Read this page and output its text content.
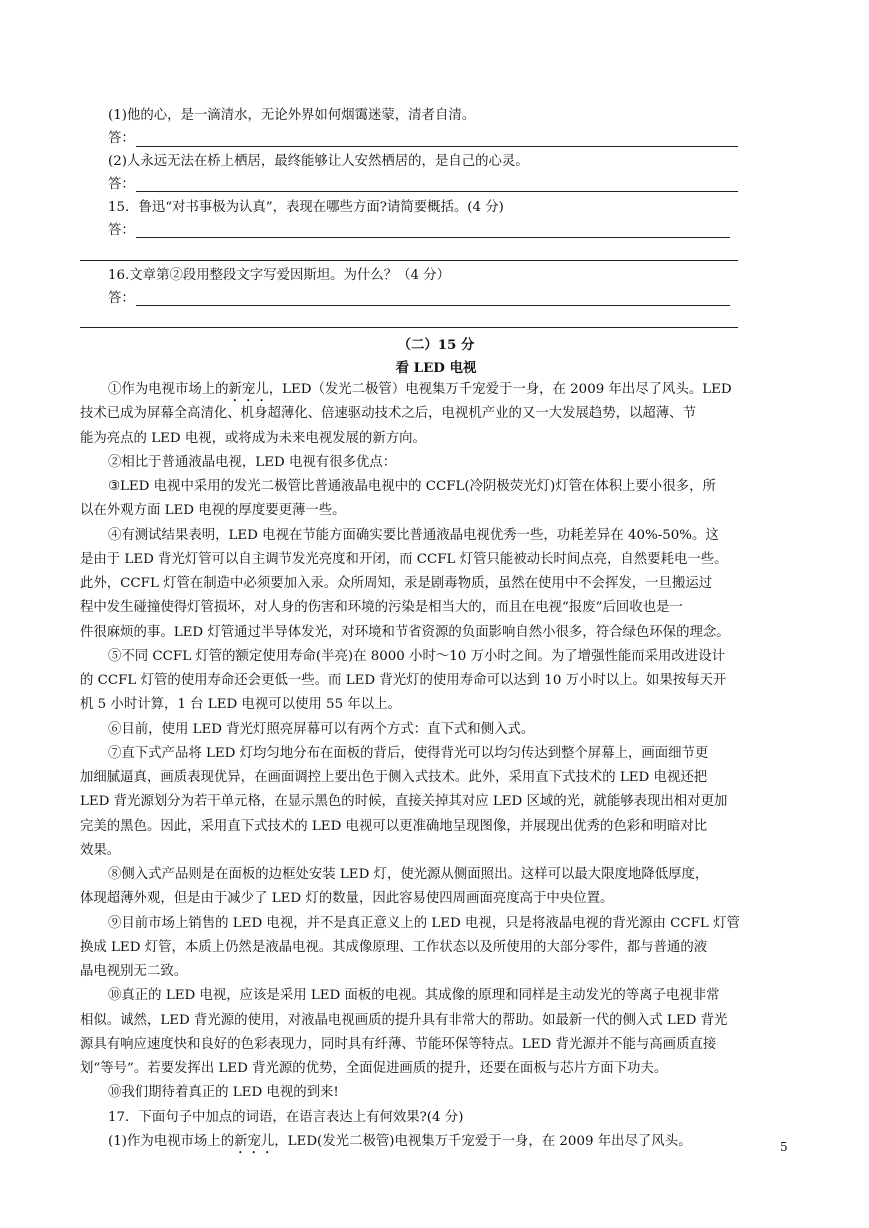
(1)他的心，是一滴清水，无论外界如何烟霭迷蒙，清者自清。
答：
(2)人永远无法在桥上栖居，最终能够让人安然栖居的，是自己的心灵。
答：
15．鲁迅“对书事极为认真”，表现在哪些方面?请简要概括。(4 分)
答：
16.文章第②段用整段文字写爱因斯坦。为什么？（4 分）
答：
（二）15 分
看 LED 电视
①作为电视市场上的新宠儿，LED（发光二极管）电视集万千宠爱于一身，在 2009 年出尽了风头。LED
技术已成为屏幕全高清化、机身超薄化、倍速驱动技术之后，电视机产业的又一大发展趋势，以超薄、节
能为亮点的 LED 电视，或将成为未来电视发展的新方向。
②相比于普通液晶电视，LED 电视有很多优点：
③LED 电视中采用的发光二极管比普通液晶电视中的 CCFL(冷阴极荧光灯)灯管在体积上要小很多，所
以在外观方面 LED 电视的厚度要更薄一些。
④有测试结果表明，LED 电视在节能方面确实要比普通液晶电视优秀一些，功耗差异在 40%-50%。这
是由于 LED 背光灯管可以自主调节发光亮度和开闭，而 CCFL 灯管只能被动长时间点亮，自然要耗电一些。
此外，CCFL 灯管在制造中必须要加入汞。众所周知，汞是剧毒物质，虽然在使用中不会挥发，一旦搬运过
程中发生碰撞使得灯管损坏，对人身的伤害和环境的污染是相当大的，而且在电视“报废”后回收也是一
件很麻烦的事。LED 灯管通过半导体发光，对环境和节省资源的负面影响自然小很多，符合绿色环保的理念。
⑤不同 CCFL 灯管的额定使用寿命(半亮)在 8000 小时～10 万小时之间。为了增强性能而采用改进设计
的 CCFL 灯管的使用寿命还会更低一些。而 LED 背光灯的使用寿命可以达到 10 万小时以上。如果按每天开
机 5 小时计算，1 台 LED 电视可以使用 55 年以上。
⑥目前，使用 LED 背光灯照亮屏幕可以有两个方式：直下式和侧入式。
⑦直下式产品将 LED 灯均匀地分布在面板的背后，使得背光可以均匀传达到整个屏幕上，画面细节更
加细腻逼真，画质表现优异，在画面调控上要出色于侧入式技术。此外，采用直下式技术的 LED 电视还把
LED 背光源划分为若干单元格，在显示黑色的时候，直接关掉其对应 LED 区域的光，就能够表现出相对更加
完美的黑色。因此，采用直下式技术的 LED 电视可以更准确地呈现图像，并展现出优秀的色彩和明暗对比
效果。
⑧侧入式产品则是在面板的边框处安装 LED 灯，使光源从侧面照出。这样可以最大限度地降低厚度，
体现超薄外观，但是由于减少了 LED 灯的数量，因此容易使四周画面亮度高于中央位置。
⑨目前市场上销售的 LED 电视，并不是真正意义上的 LED 电视，只是将液晶电视的背光源由 CCFL 灯管
换成 LED 灯管，本质上仍然是液晶电视。其成像原理、工作状态以及所使用的大部分零件，都与普通的液
晶电视别无二致。
⑩真正的 LED 电视，应该是采用 LED 面板的电视。其成像的原理和同样是主动发光的等离子电视非常
相似。诚然，LED 背光源的使用，对液晶电视画质的提升具有非常大的帮助。如最新一代的侧入式 LED 背光
源具有响应速度快和良好的色彩表现力，同时具有纤薄、节能环保等特点。LED 背光源并不能与高画质直接
划“等号”。若要发挥出 LED 背光源的优势，全面促进画质的提升，还要在面板与芯片方面下功夫。
⑩我们期待着真正的 LED 电视的到来!
17．下面句子中加点的词语，在语言表达上有何效果?(4 分)
(1)作为电视市场上的新宠儿，LED(发光二极管)电视集万千宠爱于一身，在 2009 年出尽了风头。	5
